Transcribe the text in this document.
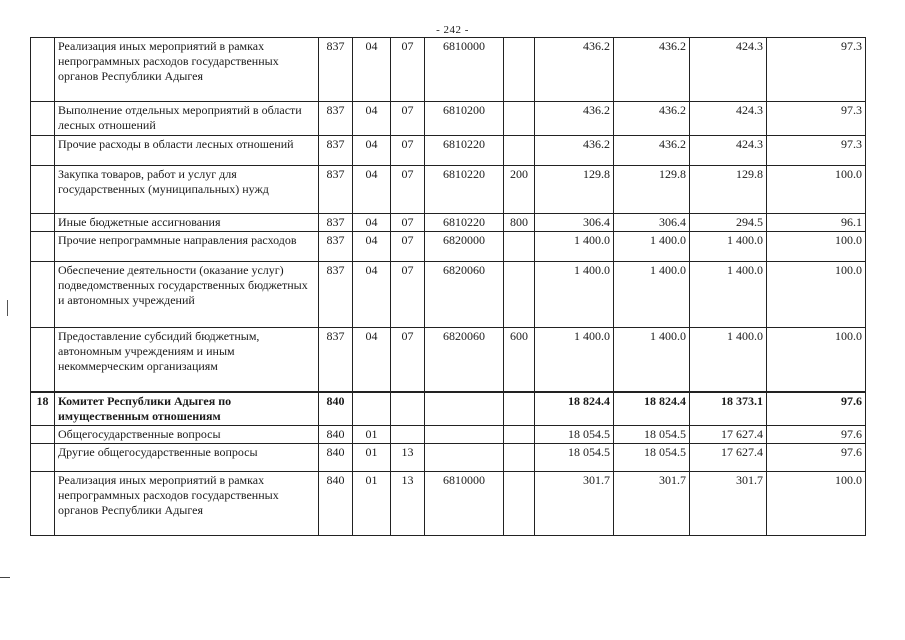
- 242 -
	Реализация иных мероприятий в рамках непрограммных расходов государственных органов Республики Адыгея	837	04	07	6810000		436.2	436.2	424.3	97.3
	Выполнение отдельных мероприятий в области лесных отношений	837	04	07	6810200		436.2	436.2	424.3	97.3
	Прочие расходы в области лесных отношений	837	04	07	6810220		436.2	436.2	424.3	97.3
	Закупка товаров, работ и услуг для государственных (муниципальных) нужд	837	04	07	6810220	200	129.8	129.8	129.8	100.0
	Иные бюджетные ассигнования	837	04	07	6810220	800	306.4	306.4	294.5	96.1
	Прочие непрограммные направления расходов	837	04	07	6820000		1 400.0	1 400.0	1 400.0	100.0
	Обеспечение деятельности (оказание услуг) подведомственных государственных бюджетных и автономных учреждений	837	04	07	6820060		1 400.0	1 400.0	1 400.0	100.0
	Предоставление субсидий бюджетным, автономным учреждениям и иным некоммерческим организациям	837	04	07	6820060	600	1 400.0	1 400.0	1 400.0	100.0
18	Комитет Республики Адыгея по имущественным отношениям	840					18 824.4	18 824.4	18 373.1	97.6
	Общегосударственные вопросы	840	01				18 054.5	18 054.5	17 627.4	97.6
	Другие общегосударственные вопросы	840	01	13			18 054.5	18 054.5	17 627.4	97.6
	Реализация иных мероприятий в рамках непрограммных расходов государственных органов Республики Адыгея	840	01	13	6810000		301.7	301.7	301.7	100.0
